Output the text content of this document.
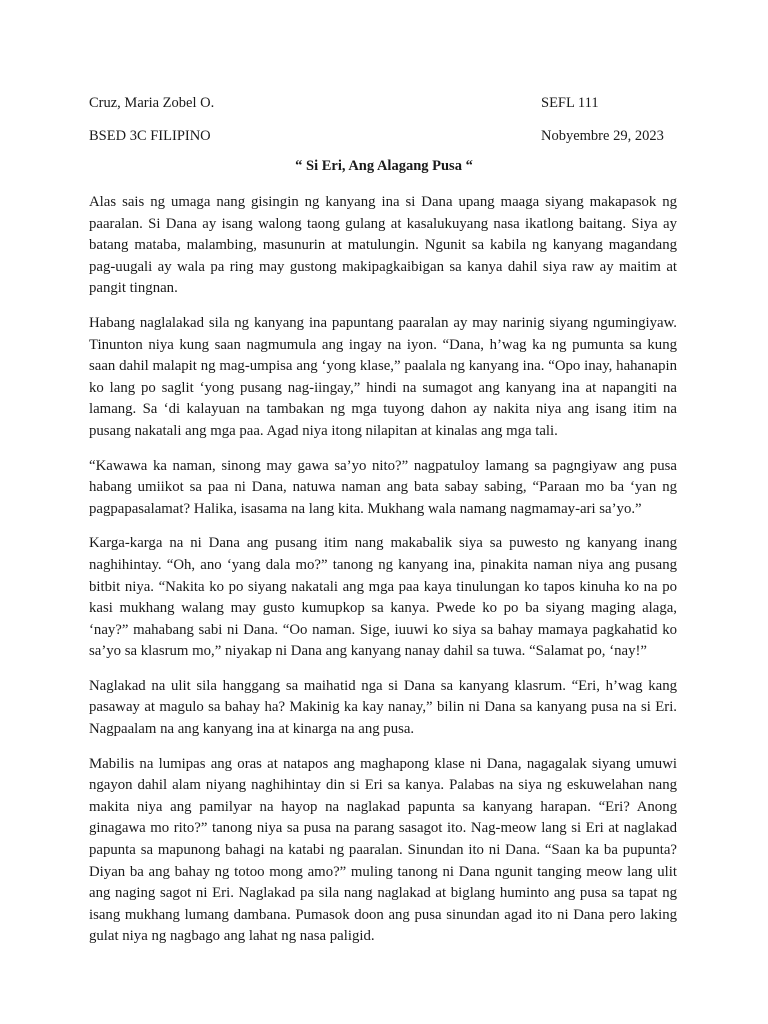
Cruz, Maria Zobel O.	SEFL 111
BSED 3C FILIPINO	Nobyembre 29, 2023
“ Si Eri, Ang Alagang Pusa “

Alas sais ng umaga nang gisingin ng kanyang ina si Dana upang maaga siyang makapasok ng paaralan. Si Dana ay isang walong taong gulang at kasalukuyang nasa ikatlong baitang. Siya ay batang mataba, malambing, masunurin at matulungin. Ngunit sa kabila ng kanyang magandang pag-uugali ay wala pa ring may gustong makipagkaibigan sa kanya dahil siya raw ay maitim at pangit tingnan.

Habang naglalakad sila ng kanyang ina papuntang paaralan ay may narinig siyang ngumingiyaw. Tinunton niya kung saan nagmumula ang ingay na iyon. “Dana, h’wag ka ng pumunta sa kung saan dahil malapit ng mag-umpisa ang ‘yong klase,” paalala ng kanyang ina. “Opo inay, hahanapin ko lang po saglit ‘yong pusang nag-iingay,” hindi na sumagot ang kanyang ina at napangiti na lamang. Sa ‘di kalayuan na tambakan ng mga tuyong dahon ay nakita niya ang isang itim na pusang nakatali ang mga paa. Agad niya itong nilapitan at kinalas ang mga tali.

“Kawawa ka naman, sinong may gawa sa’yo nito?” nagpatuloy lamang sa pagngiyaw ang pusa habang umiikot sa paa ni Dana, natuwa naman ang bata sabay sabing, “Paraan mo ba ‘yan ng pagpapasalamat? Halika, isasama na lang kita. Mukhang wala namang nagmamay-ari sa’yo.”

Karga-karga na ni Dana ang pusang itim nang makabalik siya sa puwesto ng kanyang inang naghihintay. “Oh, ano ‘yang dala mo?” tanong ng kanyang ina, pinakita naman niya ang pusang bitbit niya. “Nakita ko po siyang nakatali ang mga paa kaya tinulungan ko tapos kinuha ko na po kasi mukhang walang may gusto kumupkop sa kanya. Pwede ko po ba siyang maging alaga, ‘nay?” mahabang sabi ni Dana. “Oo naman. Sige, iuuwi ko siya sa bahay mamaya pagkahatid ko sa’yo sa klasrum mo,” niyakap ni Dana ang kanyang nanay dahil sa tuwa. “Salamat po, ‘nay!”

Naglakad na ulit sila hanggang sa maihatid nga si Dana sa kanyang klasrum. “Eri, h’wag kang pasaway at magulo sa bahay ha? Makinig ka kay nanay,” bilin ni Dana sa kanyang pusa na si Eri. Nagpaalam na ang kanyang ina at kinarga na ang pusa.

Mabilis na lumipas ang oras at natapos ang maghapong klase ni Dana, nagagalak siyang umuwi ngayon dahil alam niyang naghihintay din si Eri sa kanya. Palabas na siya ng eskuwelahan nang makita niya ang pamilyar na hayop na naglakad papunta sa kanyang harapan. “Eri? Anong ginagawa mo rito?” tanong niya sa pusa na parang sasagot ito. Nag-meow lang si Eri at naglakad papunta sa mapunong bahagi na katabi ng paaralan. Sinundan ito ni Dana. “Saan ka ba pupunta? Diyan ba ang bahay ng totoo mong amo?” muling tanong ni Dana ngunit tanging meow lang ulit ang naging sagot ni Eri. Naglakad pa sila nang naglakad at biglang huminto ang pusa sa tapat ng isang mukhang lumang dambana. Pumasok doon ang pusa sinundan agad ito ni Dana pero laking gulat niya ng nagbago ang lahat ng nasa paligid.
